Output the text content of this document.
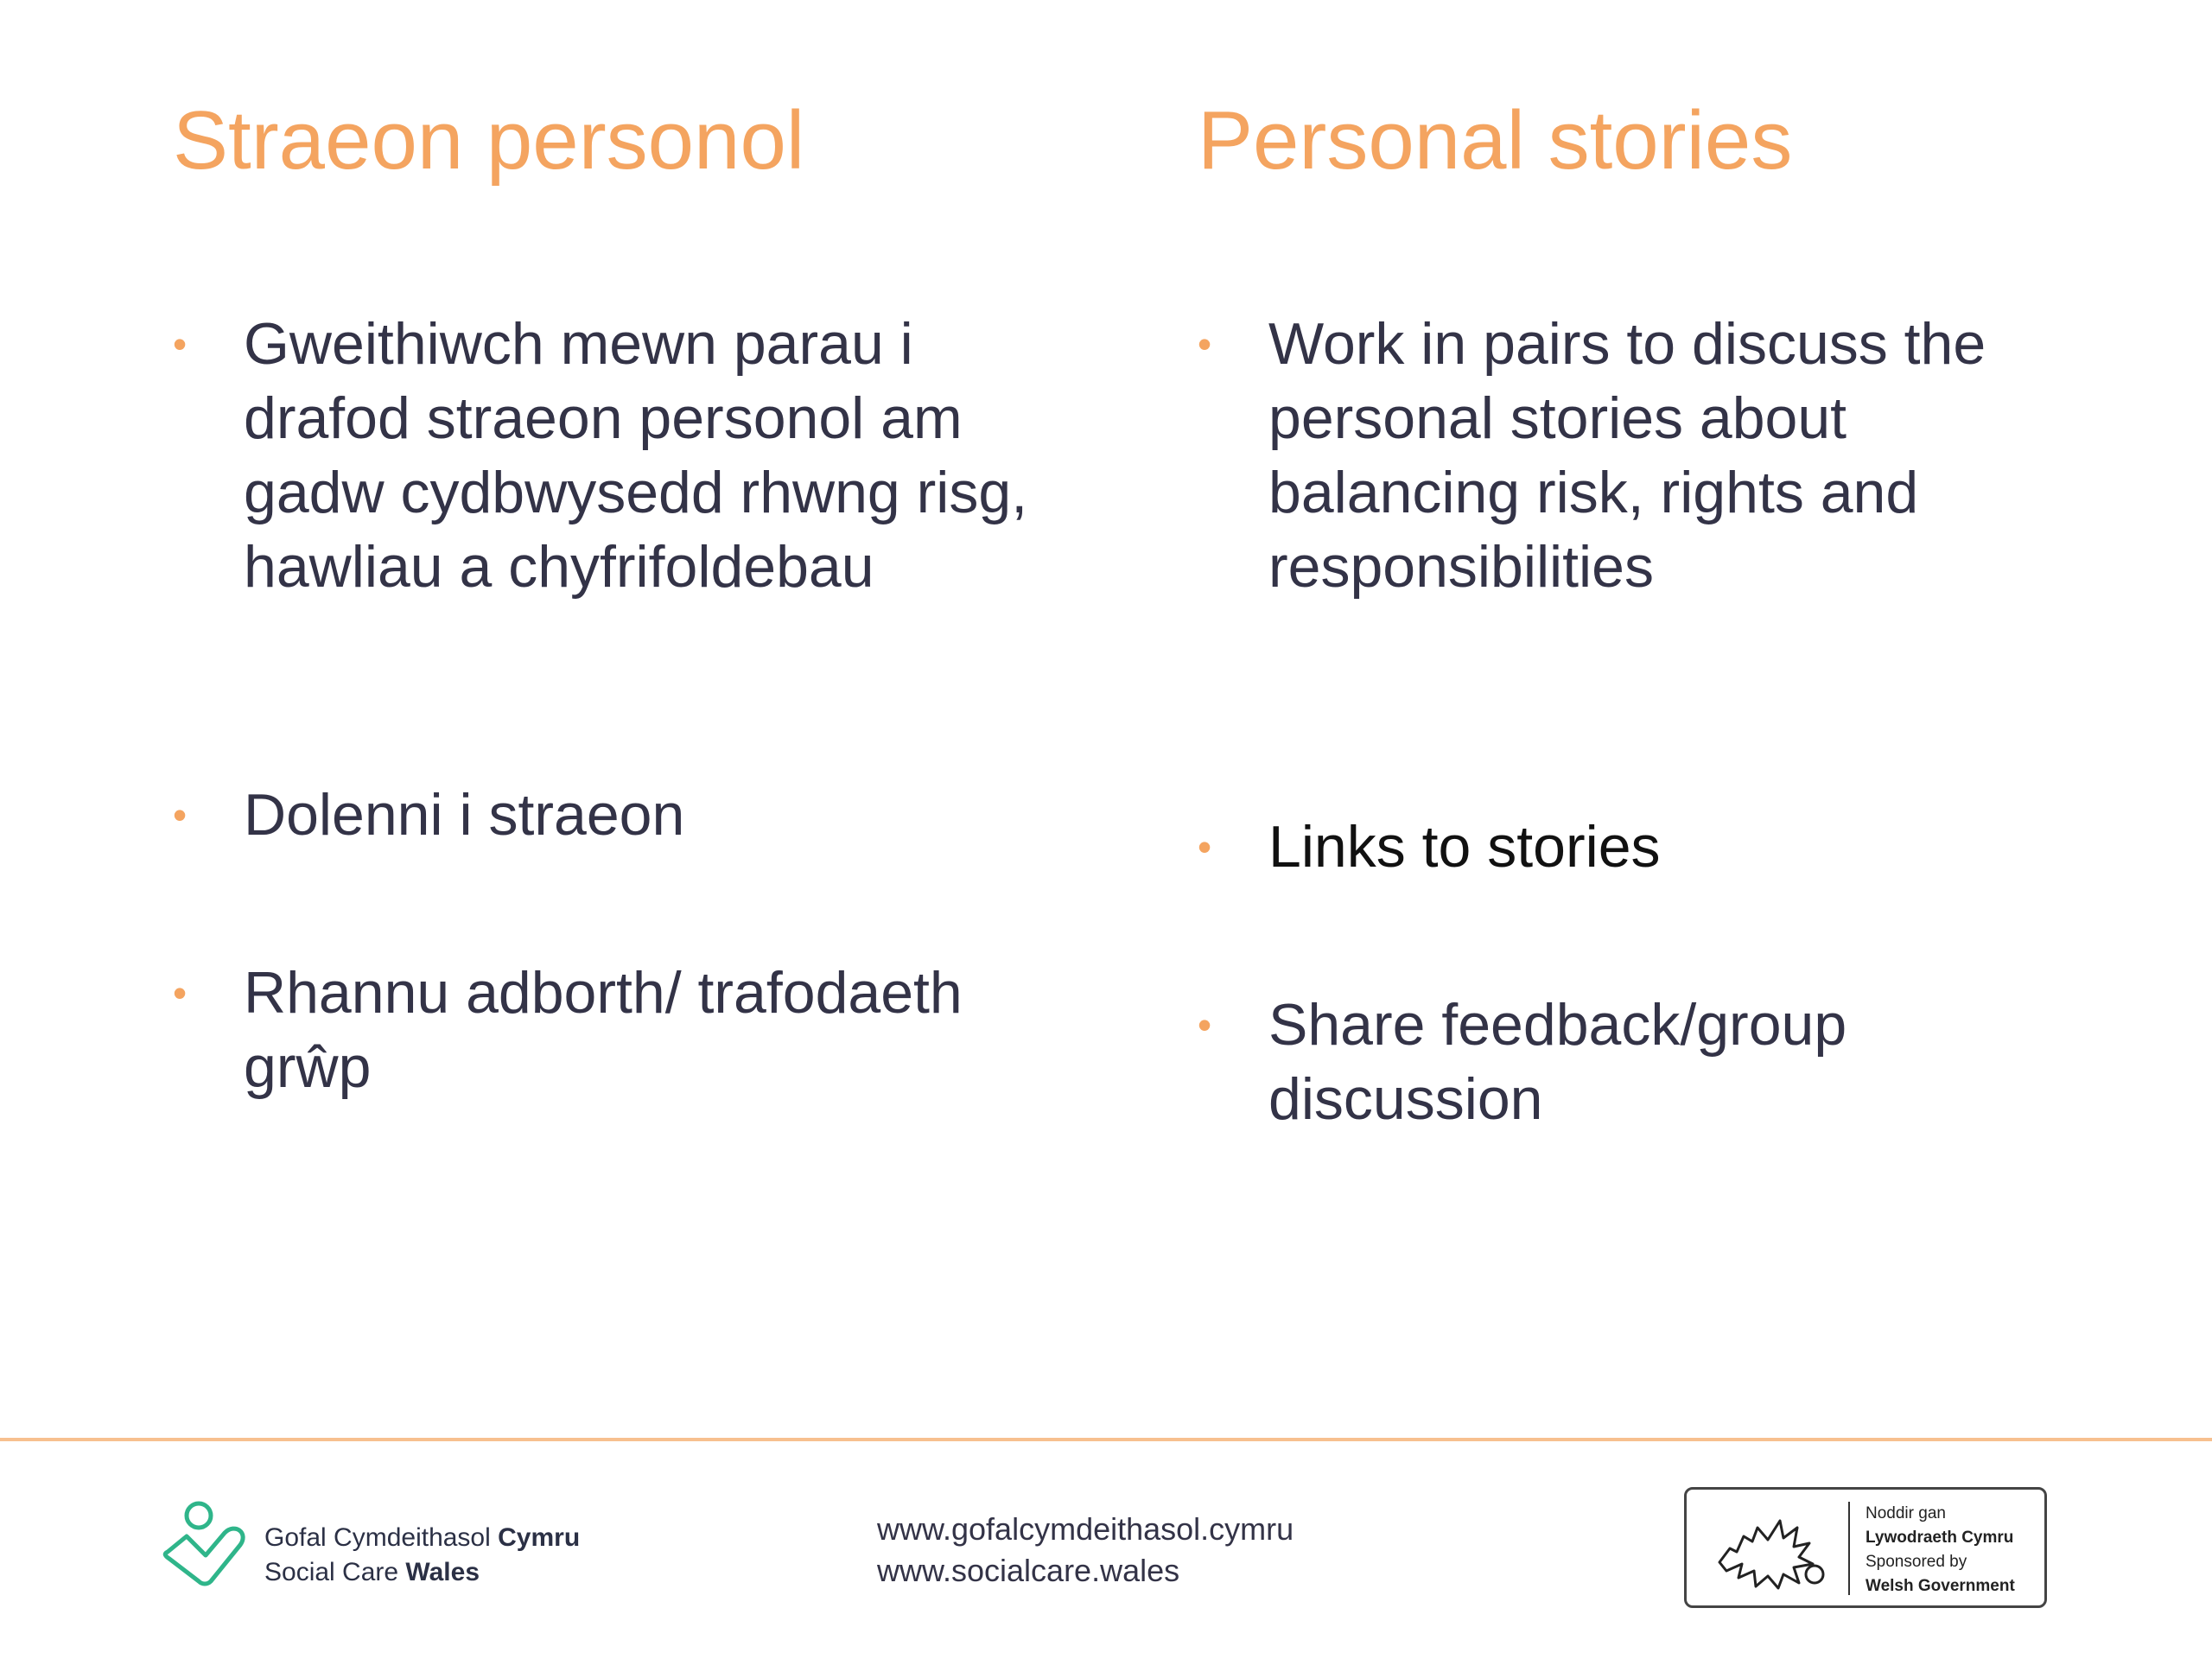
Straeon personol	Personal stories
• Gweithiwch mewn parau i drafod straeon personol am gadw cydbwysedd rhwng risg, hawliau a chyfrifoldebau
• Dolenni i straeon
• Rhannu adborth/ trafodaeth grŵp
• Work in pairs to discuss the personal stories about balancing risk, rights and responsibilities
• Links to stories
• Share feedback/group discussion
Gofal Cymdeithasol Cymru
Social Care Wales
www.gofalcymdeithasol.cymru
www.socialcare.wales
Noddir gan
Lywodraeth Cymru
Sponsored by
Welsh Government
